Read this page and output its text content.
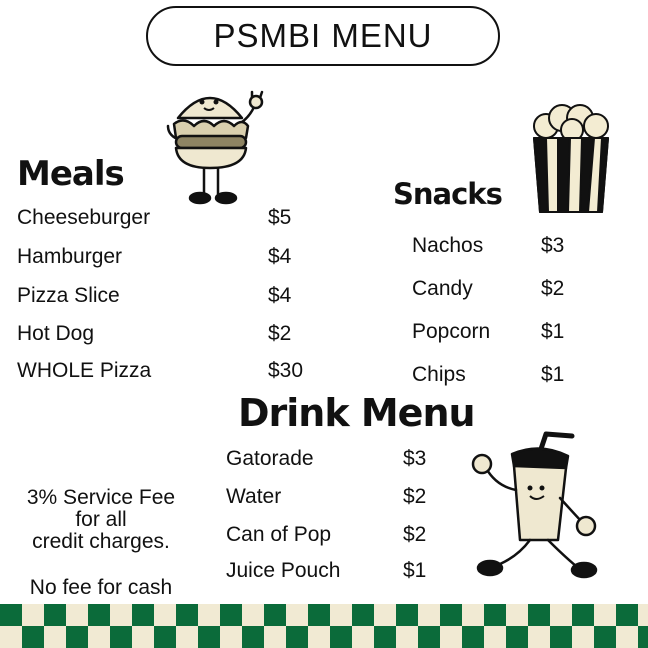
PSMBI MENU
Meals
Cheeseburger	$5
Hamburger	$4
Pizza Slice	$4
Hot Dog	$2
WHOLE Pizza	$30
Snacks
Nachos	$3
Candy	$2
Popcorn $1
Chips	$1
Drink Menu
Gatorade	$3
Water	$2
Can of Pop	$2
Juice Pouch	$1
3% Service Fee
for all
credit charges.
No fee for cash
